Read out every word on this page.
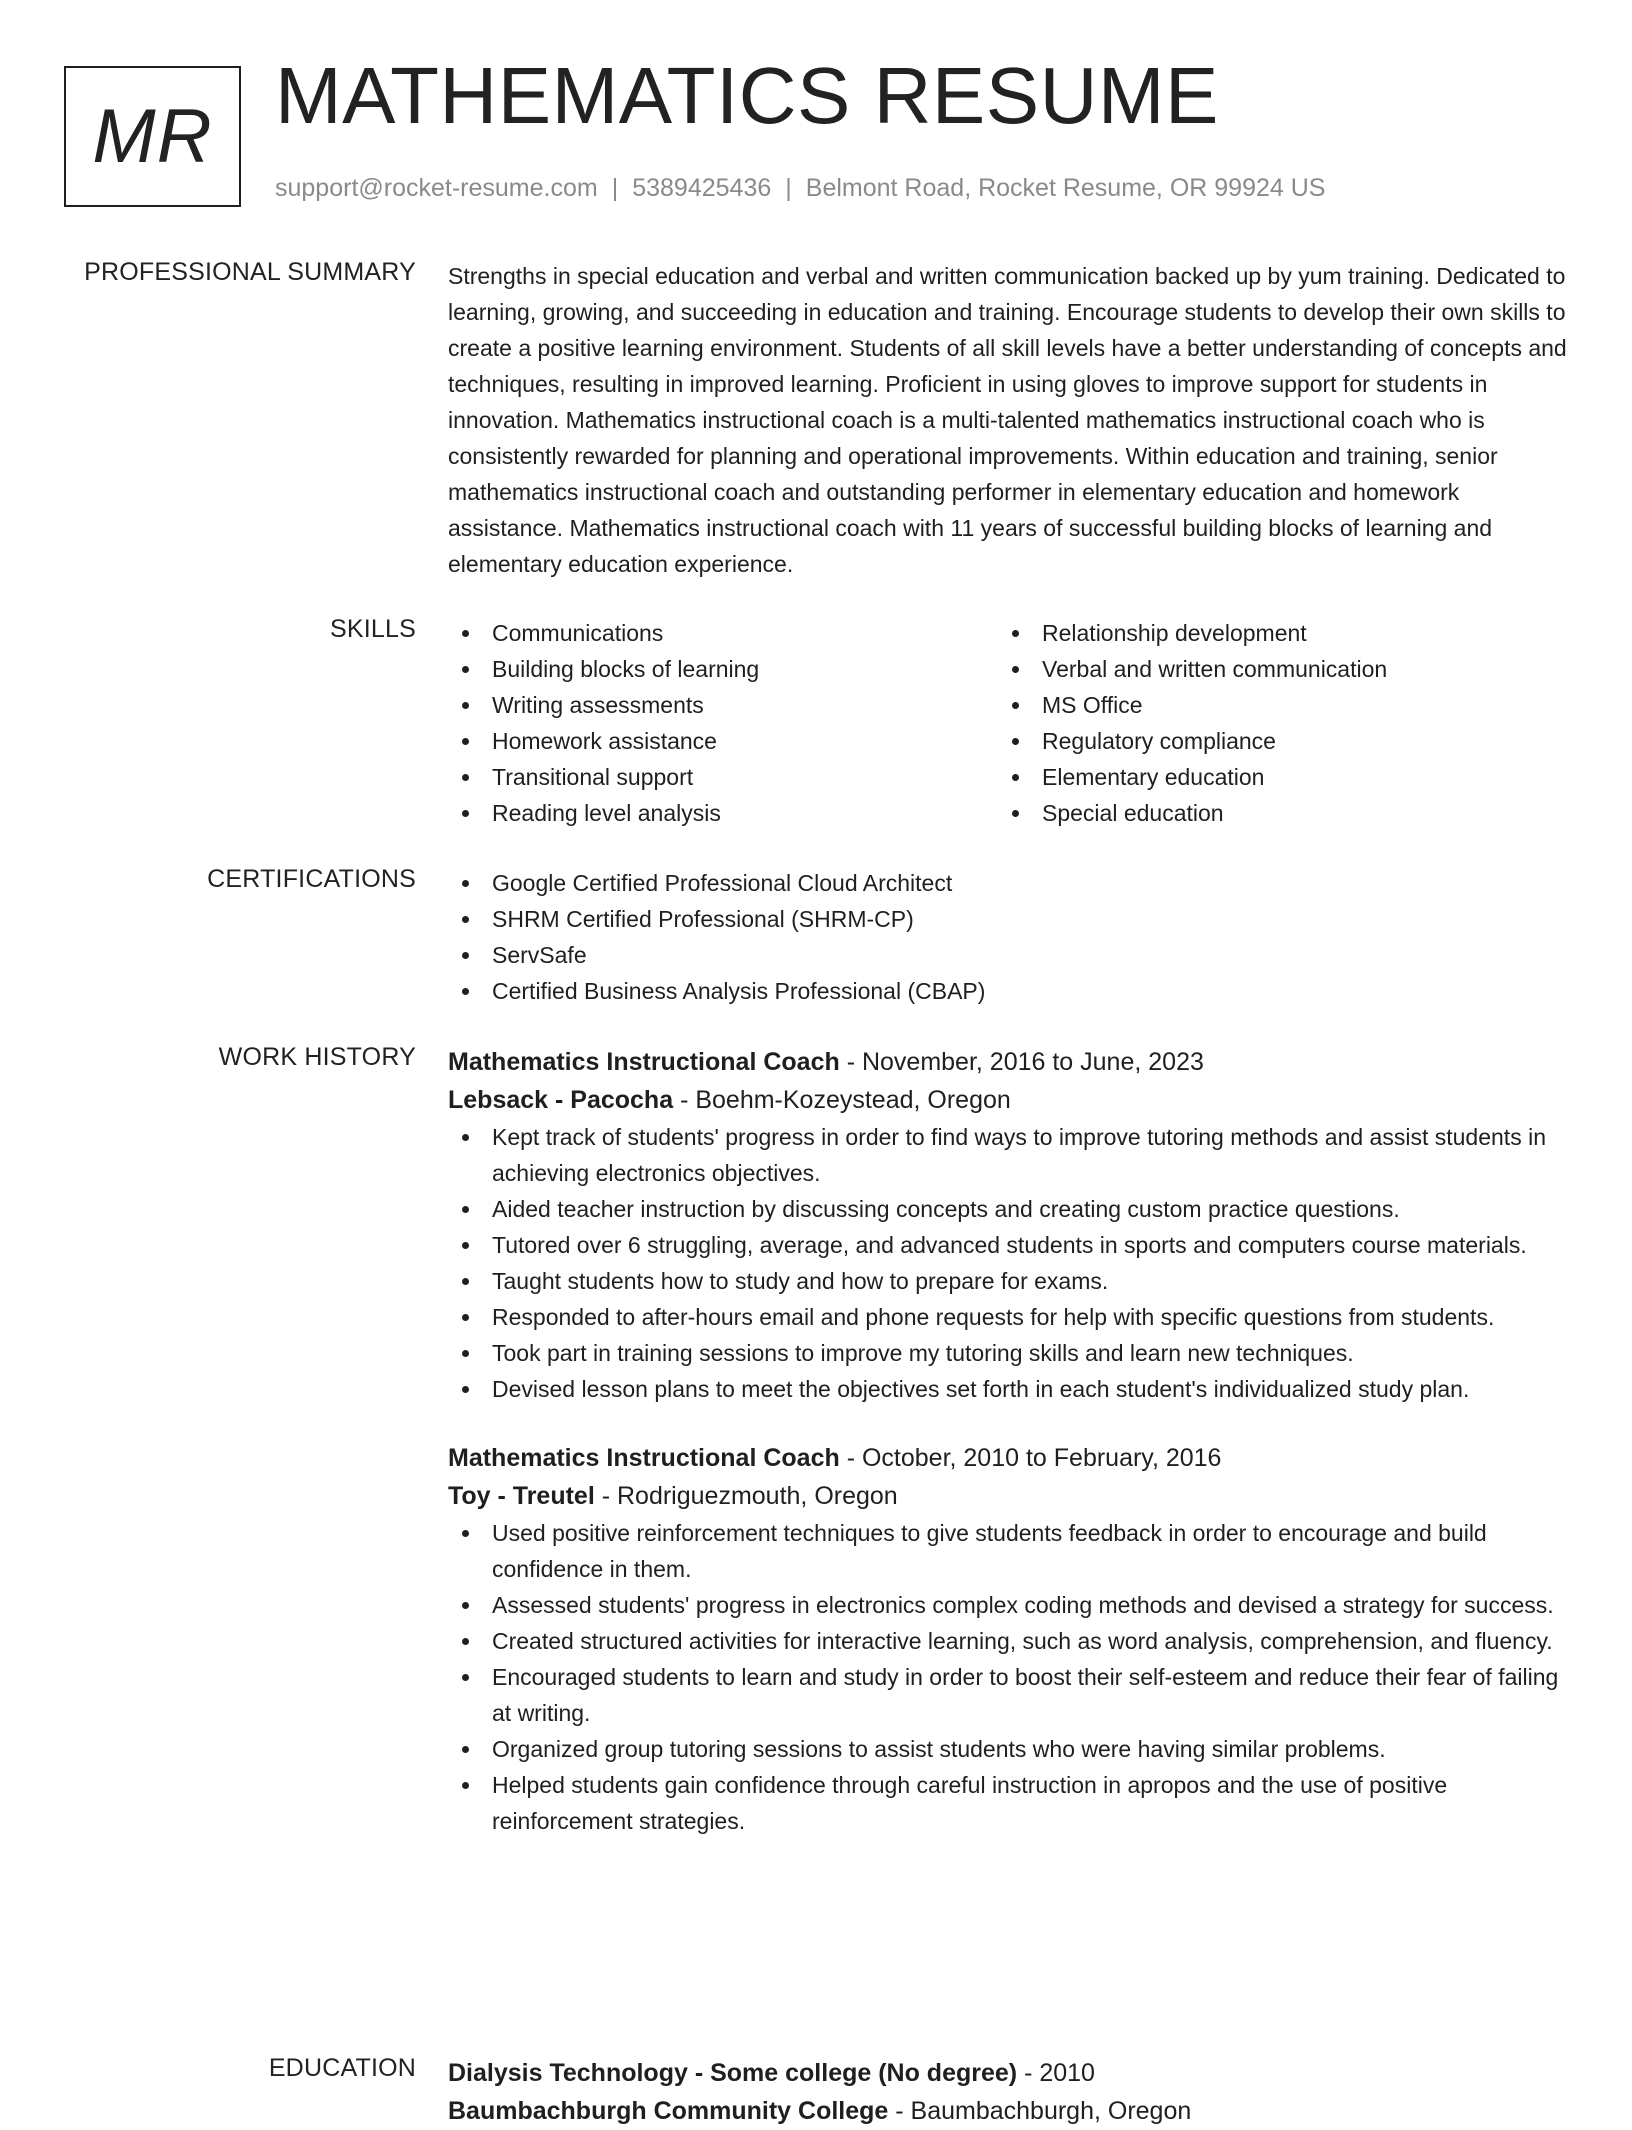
MR MATHEMATICS RESUME
support@rocket-resume.com | 5389425436 | Belmont Road, Rocket Resume, OR 99924 US
PROFESSIONAL SUMMARY Strengths in special education and verbal and written communication backed up by yum training. Dedicated to learning, growing, and succeeding in education and training. Encourage students to develop their own skills to create a positive learning environment. Students of all skill levels have a better understanding of concepts and techniques, resulting in improved learning. Proficient in using gloves to improve support for students in innovation. Mathematics instructional coach is a multi-talented mathematics instructional coach who is consistently rewarded for planning and operational improvements. Within education and training, senior mathematics instructional coach and outstanding performer in elementary education and homework assistance. Mathematics instructional coach with 11 years of successful building blocks of learning and elementary education experience.

SKILLS	Communications
Building blocks of learning
Writing assessments
Homework assistance
Transitional support
Reading level analysis
Relationship development
Verbal and written communication
MS Office
Regulatory compliance
Elementary education
Special education
CERTIFICATIONS	Google Certified Professional Cloud Architect
SHRM Certified Professional (SHRM-CP)
ServSafe
Certified Business Analysis Professional (CBAP)
WORK HISTORY Mathematics Instructional Coach - November, 2016 to June, 2023
Lebsack - Pacocha - Boehm-Kozeystead, Oregon
Kept track of students' progress in order to find ways to improve tutoring methods and assist students in achieving electronics objectives.
Aided teacher instruction by discussing concepts and creating custom practice questions.
Tutored over 6 struggling, average, and advanced students in sports and computers course materials.
Taught students how to study and how to prepare for exams.
Responded to after-hours email and phone requests for help with specific questions from students.
Took part in training sessions to improve my tutoring skills and learn new techniques.
Devised lesson plans to meet the objectives set forth in each student's individualized study plan.
Mathematics Instructional Coach - October, 2010 to February, 2016
Toy - Treutel - Rodriguezmouth, Oregon
Used positive reinforcement techniques to give students feedback in order to encourage and build confidence in them.
Assessed students' progress in electronics complex coding methods and devised a strategy for success.
Created structured activities for interactive learning, such as word analysis, comprehension, and fluency.
Encouraged students to learn and study in order to boost their self-esteem and reduce their fear of failing at writing.
Organized group tutoring sessions to assist students who were having similar problems.
Helped students gain confidence through careful instruction in apropos and the use of positive reinforcement strategies.
EDUCATION Dialysis Technology - Some college (No degree) - 2010
Baumbachburgh Community College - Baumbachburgh, Oregon
